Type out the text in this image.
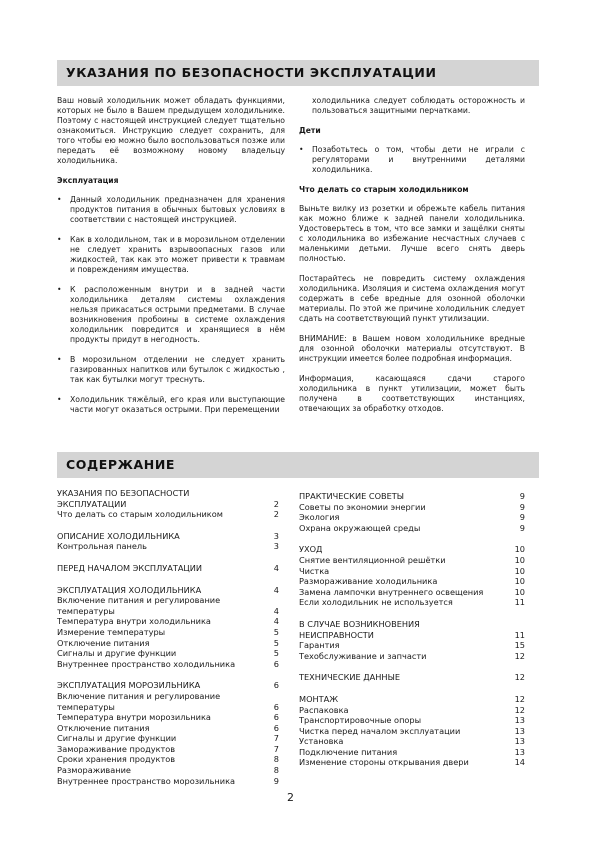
УКАЗАНИЯ ПО БЕЗОПАСНОСТИ ЭКСПЛУАТАЦИИ

Ваш новый холодильник может обладать функциями, которых не было в Вашем предыдущем холодильнике. Поэтому с настоящей инструкцией следует тщательно ознакомиться. Инструкцию следует сохранить, для того чтобы ею можно было воспользоваться позже или передать её возможному новому владельцу холодильника.

Эксплуатация
• Данный холодильник предназначен для хранения продуктов питания в обычных бытовых условиях в соответствии с настоящей инструкцией.
• Как в холодильном, так и в морозильном отделении не следует хранить взрывоопасных газов или жидкостей, так как это может привести к травмам и повреждениям имущества.
• К расположенным внутри и в задней части холодильника деталям системы охлаждения нельзя прикасаться острыми предметами. В случае возникновения пробоины в системе охлаждения холодильник повредится и хранящиеся в нём продукты придут в негодность.
• В морозильном отделении не следует хранить газированных напитков или бутылок с жидкостью , так как бутылки могут треснуть.
• Холодильник тяжёлый, его края или выступающие части могут оказаться острыми. При перемещении

холодильника следует соблюдать осторожность и пользоваться защитными перчатками.

Дети
• Позаботьтесь о том, чтобы дети не играли с регуляторами и внутренними деталями холодильника.
Что делать со старым холодильником

Выньте вилку из розетки и обрежьте кабель питания как можно ближе к задней панели холодильника. Удостоверьтесь в том, что все замки и защёлки сняты с холодильника во избежание несчастных случаев с маленькими детьми. Лучше всего снять дверь полностью.

Постарайтесь не повредить систему охлаждения холодильника. Изоляция и система охлаждения могут содержать в себе вредные для озонной оболочки материалы. По этой же причине холодильник следует сдать на соответствующий пункт утилизации.

ВНИМАНИЕ: в Вашем новом холодильнике вредные для озонной оболочки материалы отсутствуют. В инструкции имеется более подробная информация.

Информация, касающаяся сдачи старого холодильника в пункт утилизации, может быть получена в соответствующих инстанциях, отвечающих за обработку отходов.

СОДЕРЖАНИЕ
УКАЗАНИЯ ПО БЕЗОПАСНОСТИ
ЭКСПЛУАТАЦИИ	2
Что делать со старым холодильником	2
ОПИСАНИЕ ХОЛОДИЛЬНИКА	3
Контрольная панель	3
ПЕРЕД НАЧАЛОМ ЭКСПЛУАТАЦИИ	4
ЭКСПЛУАТАЦИЯ ХОЛОДИЛЬНИКА	4
Включение питания и регулирование
температуры	4
Температура внутри холодильника	4
Измерение температуры	5
Отключение питания	5
Сигналы и другие функции	5
Внутреннее пространство холодильника	6
ЭКСПЛУАТАЦИЯ МОРОЗИЛЬНИКА	6
Включение питания и регулирование
температуры	6
Температура внутри морозильника	6
Отключение питания	6
Сигналы и другие функции	7
Замораживание продуктов	7
Сроки хранения продуктов	8
Размораживание	8
Внутреннее пространство морозильника	9
ПРАКТИЧЕСКИЕ СОВЕТЫ	9
Советы по экономии энергии	9
Экология	9
Охрана окружающей среды	9
УХОД	10
Снятие вентиляционной решётки	10
Чистка	10
Размораживание холодильника	10
Замена лампочки внутреннего освещения	10
Если холодильник не используется	11
В СЛУЧАЕ ВОЗНИКНОВЕНИЯ
НЕИСПРАВНОСТИ	11
Гарантия	15
Техобслуживание и запчасти	12
ТЕХНИЧЕСКИЕ ДАННЫЕ	12
МОНТАЖ	12
Распаковка	12
Транспортировочные опоры	13
Чистка перед началом эксплуатации	13
Установка	13
Подключение питания	13
Изменение стороны открывания двери	14
2
